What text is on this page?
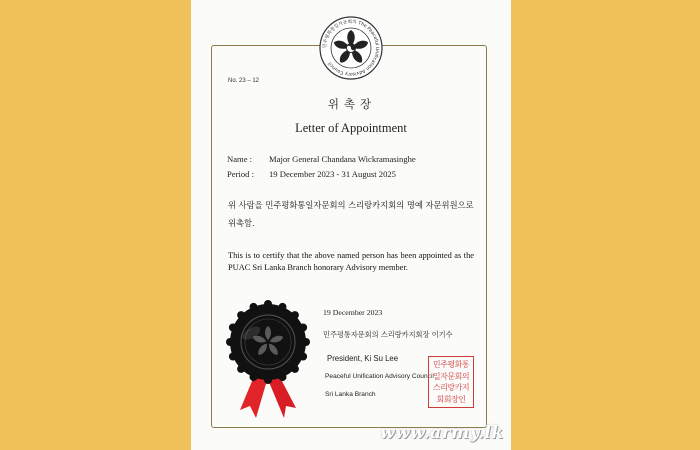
민주평화통일자문회의 The Peaceful Unification Advisory Council
No. 23 – 12
위촉장
Letter of Appointment
Name : Major General Chandana Wickramasinghe
Period : 19 December 2023 - 31 August 2025
위 사람을 민주평화통일자문회의 스리랑카지회의 명예 자문위원으로 위촉함.
This is to certify that the above named person has been appointed as the PUAC Sri Lanka Branch honorary Advisory member.
19 December 2023
민주평통자문회의 스리랑카지회장 이기수
President, Ki Su Lee
Peaceful Unification Advisory Council
Sri Lanka Branch
민주평화통
일자문회의
스리랑카지
회회장인
www.army.lk
